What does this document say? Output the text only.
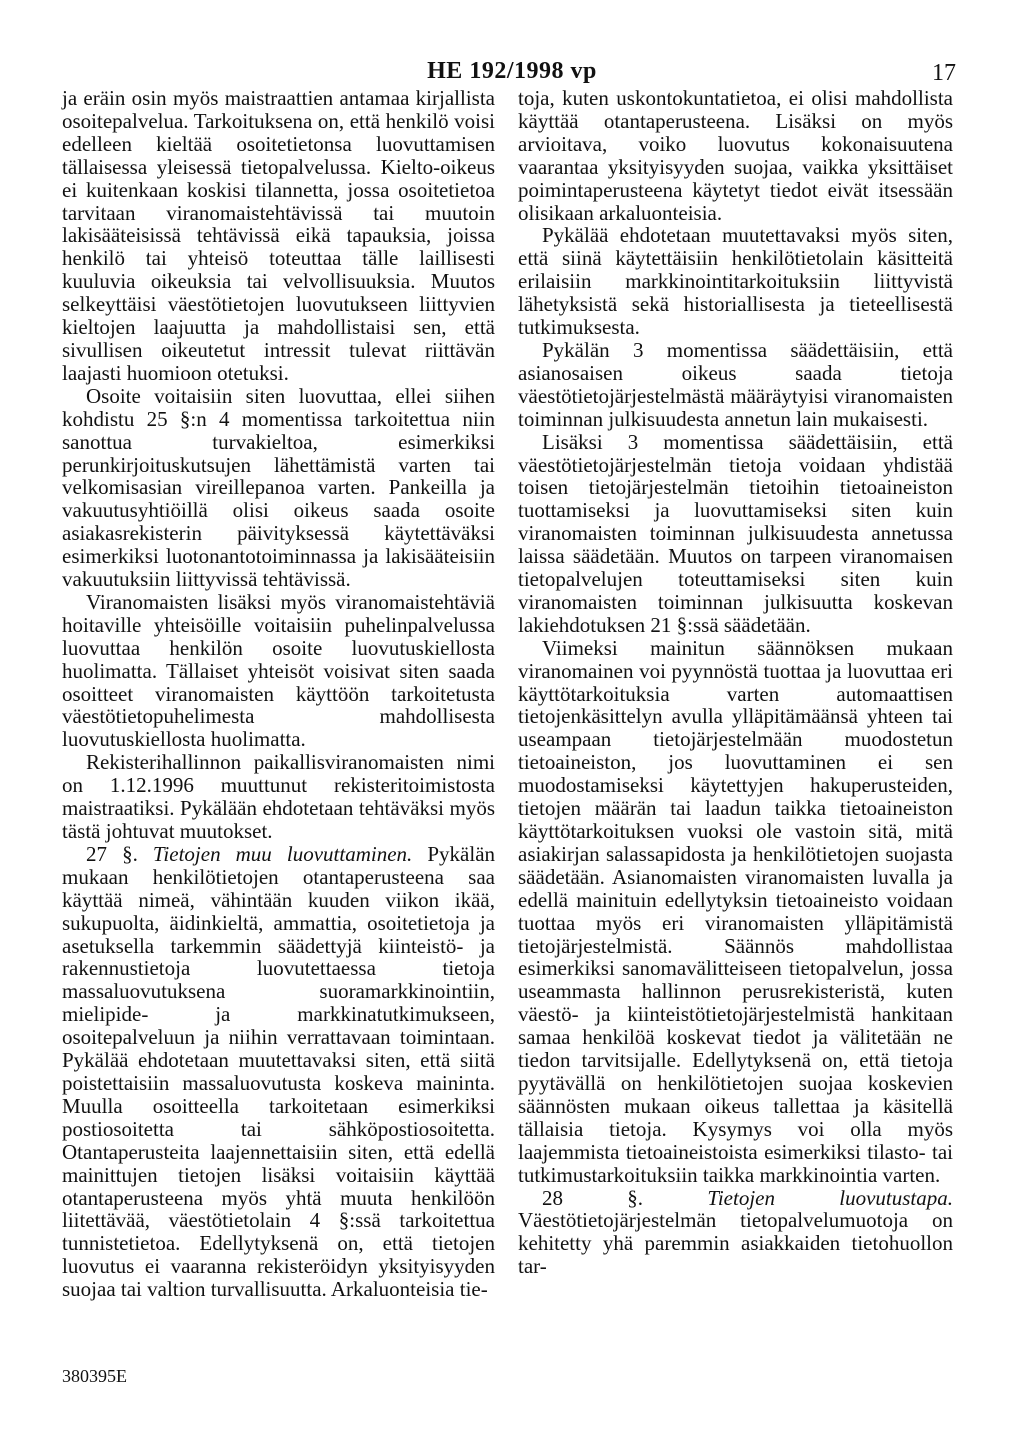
HE 192/1998 vp	17

ja eräin osin myös maistraattien antamaa kirjallista osoitepalvelua. Tarkoituksena on, että henkilö voisi edelleen kieltää osoitetietonsa luovuttamisen tällaisessa yleisessä tietopalvelussa. Kielto-oikeus ei kuitenkaan koskisi tilannetta, jossa osoitetietoa tarvitaan viranomaistehtävissä tai muutoin lakisääteisissä tehtävissä eikä tapauksia, joissa henkilö tai yhteisö toteuttaa tälle laillisesti kuuluvia oikeuksia tai velvollisuuksia. Muutos selkeyttäisi väestötietojen luovutukseen liittyvien kieltojen laajuutta ja mahdollistaisi sen, että sivullisen oikeutetut intressit tulevat riittävän laajasti huomioon otetuksi.

Osoite voitaisiin siten luovuttaa, ellei siihen kohdistu 25 §:n 4 momentissa tarkoitettua niin sanottua turvakieltoa, esimerkiksi perunkirjoituskutsujen lähettämistä varten tai velkomisasian vireillepanoa varten. Pankeilla ja vakuutusyhtiöillä olisi oikeus saada osoite asiakasrekisterin päivityksessä käytettäväksi esimerkiksi luotonantotoiminnassa ja lakisääteisiin vakuutuksiin liittyvissä tehtävissä.

Viranomaisten lisäksi myös viranomaistehtäviä hoitaville yhteisöille voitaisiin puhelinpalvelussa luovuttaa henkilön osoite luovutuskiellosta huolimatta. Tällaiset yhteisöt voisivat siten saada osoitteet viranomaisten käyttöön tarkoitetusta väestötietopuhelimesta mahdollisesta luovutuskiellosta huolimatta.

Rekisterihallinnon paikallisviranomaisten nimi on 1.12.1996 muuttunut rekisteritoimistosta maistraatiksi. Pykälään ehdotetaan tehtäväksi myös tästä johtuvat muutokset.

27 §. Tietojen muu luovuttaminen. Pykälän mukaan henkilötietojen otantaperusteena saa käyttää nimeä, vähintään kuuden viikon ikää, sukupuolta, äidinkieltä, ammattia, osoitetietoja ja asetuksella tarkemmin säädettyjä kiinteistö- ja rakennustietoja luovutettaessa tietoja massaluovutuksena suoramarkkinointiin, mielipide- ja markkinatutkimukseen, osoitepalveluun ja niihin verrattavaan toimintaan. Pykälää ehdotetaan muutettavaksi siten, että siitä poistettaisiin massaluovutusta koskeva maininta. Muulla osoitteella tarkoitetaan esimerkiksi postiosoitetta tai sähköpostiosoitetta. Otantaperusteita laajennettaisiin siten, että edellä mainittujen tietojen lisäksi voitaisiin käyttää otantaperusteena myös yhtä muuta henkilöön liitettävää, väestötietolain 4 §:ssä tarkoitettua tunnistetietoa. Edellytyksenä on, että tietojen luovutus ei vaaranna rekisteröidyn yksityisyyden suojaa tai valtion turvallisuutta. Arkaluonteisia tie-

toja, kuten uskontokuntatietoa, ei olisi mahdollista käyttää otantaperusteena. Lisäksi on myös arvioitava, voiko luovutus kokonaisuutena vaarantaa yksityisyyden suojaa, vaikka yksittäiset poimintaperusteena käytetyt tiedot eivät itsessään olisikaan arkaluonteisia.

Pykälää ehdotetaan muutettavaksi myös siten, että siinä käytettäisiin henkilötietolain käsitteitä erilaisiin markkinointitarkoituksiin liittyvistä lähetyksistä sekä historiallisesta ja tieteellisestä tutkimuksesta.

Pykälän 3 momentissa säädettäisiin, että asianosaisen oikeus saada tietoja väestötietojärjestelmästä määräytyisi viranomaisten toiminnan julkisuudesta annetun lain mukaisesti.

Lisäksi 3 momentissa säädettäisiin, että väestötietojärjestelmän tietoja voidaan yhdistää toisen tietojärjestelmän tietoihin tietoaineiston tuottamiseksi ja luovuttamiseksi siten kuin viranomaisten toiminnan julkisuudesta annetussa laissa säädetään. Muutos on tarpeen viranomaisen tietopalvelujen toteuttamiseksi siten kuin viranomaisten toiminnan julkisuutta koskevan lakiehdotuksen 21 §:ssä säädetään.

Viimeksi mainitun säännöksen mukaan viranomainen voi pyynnöstä tuottaa ja luovuttaa eri käyttötarkoituksia varten automaattisen tietojenkäsittelyn avulla ylläpitämäänsä yhteen tai useampaan tietojärjestelmään muodostetun tietoaineiston, jos luovuttaminen ei sen muodostamiseksi käytettyjen hakuperusteiden, tietojen määrän tai laadun taikka tietoaineiston käyttötarkoituksen vuoksi ole vastoin sitä, mitä asiakirjan salassapidosta ja henkilötietojen suojasta säädetään. Asianomaisten viranomaisten luvalla ja edellä mainituin edellytyksin tietoaineisto voidaan tuottaa myös eri viranomaisten ylläpitämistä tietojärjestelmistä. Säännös mahdollistaa esimerkiksi sanomavälitteiseen tietopalvelun, jossa useammasta hallinnon perusrekisteristä, kuten väestö- ja kiinteistötietojärjestelmistä hankitaan samaa henkilöä koskevat tiedot ja välitetään ne tiedon tarvitsijalle. Edellytyksenä on, että tietoja pyytävällä on henkilötietojen suojaa koskevien säännösten mukaan oikeus tallettaa ja käsitellä tällaisia tietoja. Kysymys voi olla myös laajemmista tietoaineistoista esimerkiksi tilasto- tai tutkimustarkoituksiin taikka markkinointia varten.

28 §. Tietojen luovutustapa. Väestötietojärjestelmän tietopalvelumuotoja on kehitetty yhä paremmin asiakkaiden tietohuollon tar-

380395E
